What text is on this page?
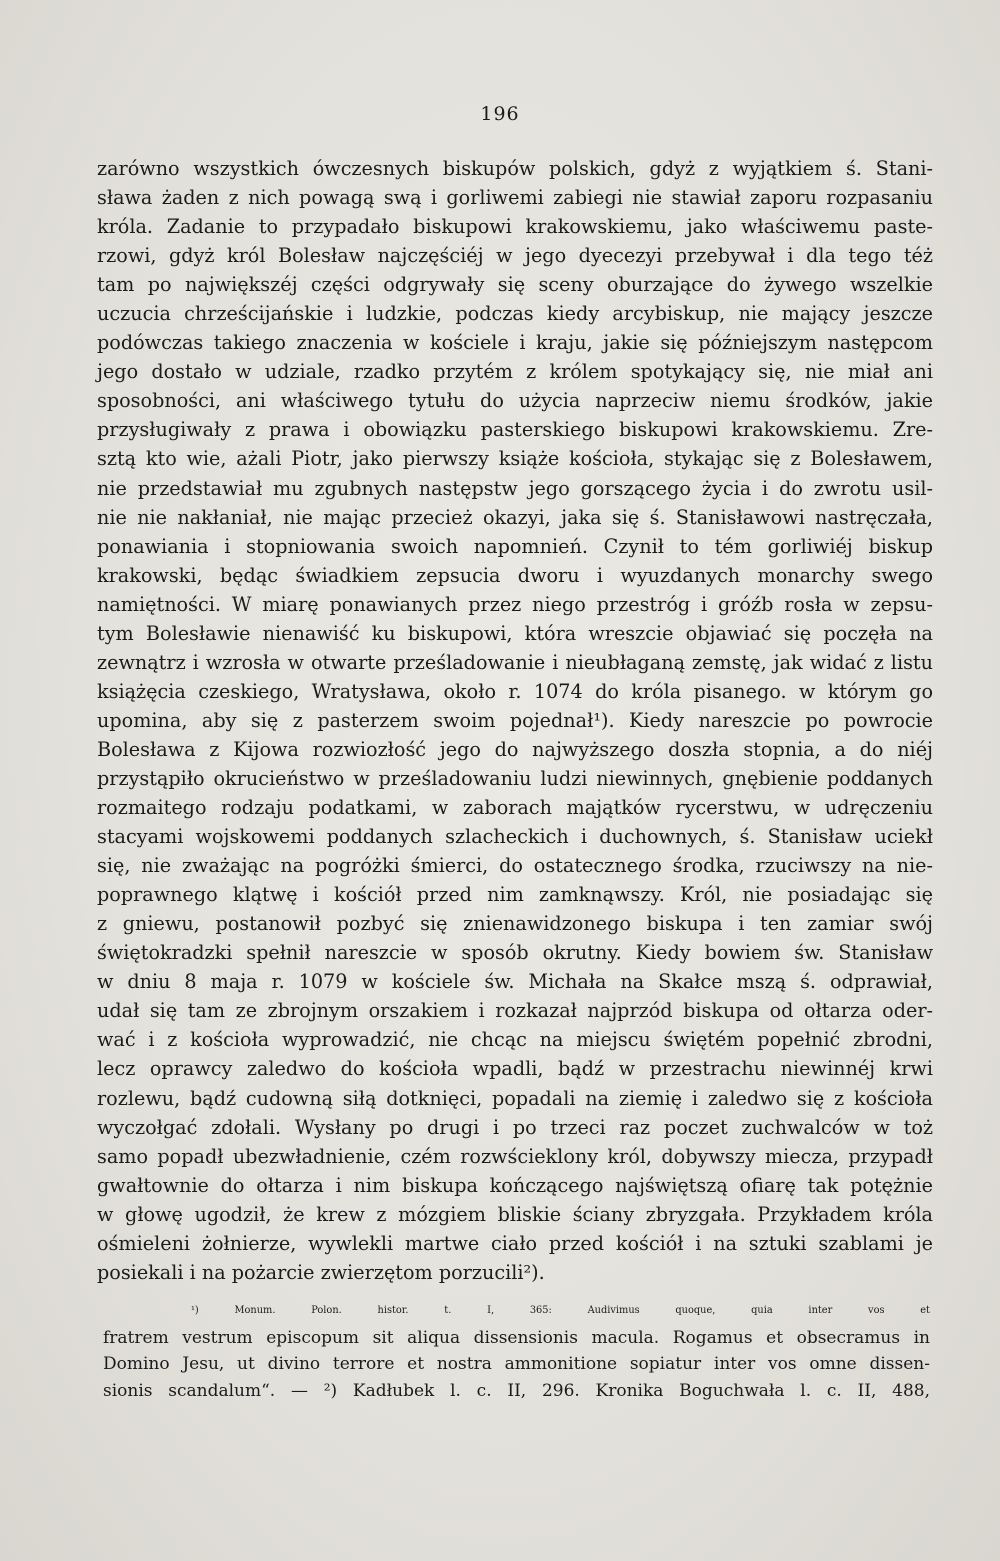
196
zarówno wszystkich ówczesnych biskupów polskich, gdyż z wyjątkiem ś. Stani-
sława żaden z nich powagą swą i gorliwemi zabiegi nie stawiał zaporu rozpasaniu
króla. Zadanie to przypadało biskupowi krakowskiemu, jako właściwemu paste-
rzowi, gdyż król Bolesław najczęściéj w jego dyecezyi przebywał i dla tego téż
tam po największéj części odgrywały się sceny oburzające do żywego wszelkie
uczucia chrześcijańskie i ludzkie, podczas kiedy arcybiskup, nie mający jeszcze
podówczas takiego znaczenia w kościele i kraju, jakie się późniejszym następcom
jego dostało w udziale, rzadko przytém z królem spotykający się, nie miał ani
sposobności, ani właściwego tytułu do użycia naprzeciw niemu środków, jakie
przysługiwały z prawa i obowiązku pasterskiego biskupowi krakowskiemu. Zre-
sztą kto wie, ażali Piotr, jako pierwszy książe kościoła, stykając się z Bolesławem,
nie przedstawiał mu zgubnych następstw jego gorszącego życia i do zwrotu usil-
nie nie nakłaniał, nie mając przecież okazyi, jaka się ś. Stanisławowi nastręczała,
ponawiania i stopniowania swoich napomnień. Czynił to tém gorliwiéj biskup
krakowski, będąc świadkiem zepsucia dworu i wyuzdanych monarchy swego
namiętności. W miarę ponawianych przez niego przestróg i gróźb rosła w zepsu-
tym Bolesławie nienawiść ku biskupowi, która wreszcie objawiać się poczęła na
zewnątrz i wzrosła w otwarte prześladowanie i nieubłaganą zemstę, jak widać z listu
książęcia czeskiego, Wratysława, około r. 1074 do króla pisanego. w którym go
upomina, aby się z pasterzem swoim pojednał¹). Kiedy nareszcie po powrocie
Bolesława z Kijowa rozwiozłość jego do najwyższego doszła stopnia, a do niéj
przystąpiło okrucieństwo w prześladowaniu ludzi niewinnych, gnębienie poddanych
rozmaitego rodzaju podatkami, w zaborach majątków rycerstwu, w udręczeniu
stacyami wojskowemi poddanych szlacheckich i duchownych, ś. Stanisław uciekł
się, nie zważając na pogróżki śmierci, do ostatecznego środka, rzuciwszy na nie-
poprawnego klątwę i kościół przed nim zamknąwszy. Król, nie posiadając się
z gniewu, postanowił pozbyć się znienawidzonego biskupa i ten zamiar swój
świętokradzki spełnił nareszcie w sposób okrutny. Kiedy bowiem św. Stanisław
w dniu 8 maja r. 1079 w kościele św. Michała na Skałce mszą ś. odprawiał,
udał się tam ze zbrojnym orszakiem i rozkazał najprzód biskupa od ołtarza oder-
wać i z kościoła wyprowadzić, nie chcąc na miejscu świętém popełnić zbrodni,
lecz oprawcy zaledwo do kościoła wpadli, bądź w przestrachu niewinnéj krwi
rozlewu, bądź cudowną siłą dotknięci, popadali na ziemię i zaledwo się z kościoła
wyczołgać zdołali. Wysłany po drugi i po trzeci raz poczet zuchwalców w toż
samo popadł ubezwładnienie, czém rozwścieklony król, dobywszy miecza, przypadł
gwałtownie do ołtarza i nim biskupa kończącego najświętszą ofiarę tak potężnie
w głowę ugodził, że krew z mózgiem bliskie ściany zbryzgała. Przykładem króla
ośmieleni żołnierze, wywlekli martwe ciało przed kościół i na sztuki szablami je
posiekali i na pożarcie zwierzętom porzucili²).
¹) Monum. Polon. histor. t. I, 365: Audivimus quoque, quia inter vos et
fratrem vestrum episcopum sit aliqua dissensionis macula. Rogamus et obsecramus in
Domino Jesu, ut divino terrore et nostra ammonitione sopiatur inter vos omne dissen-
sionis scandalum“. — ²) Kadłubek l. c. II, 296. Kronika Boguchwała l. c. II, 488,
